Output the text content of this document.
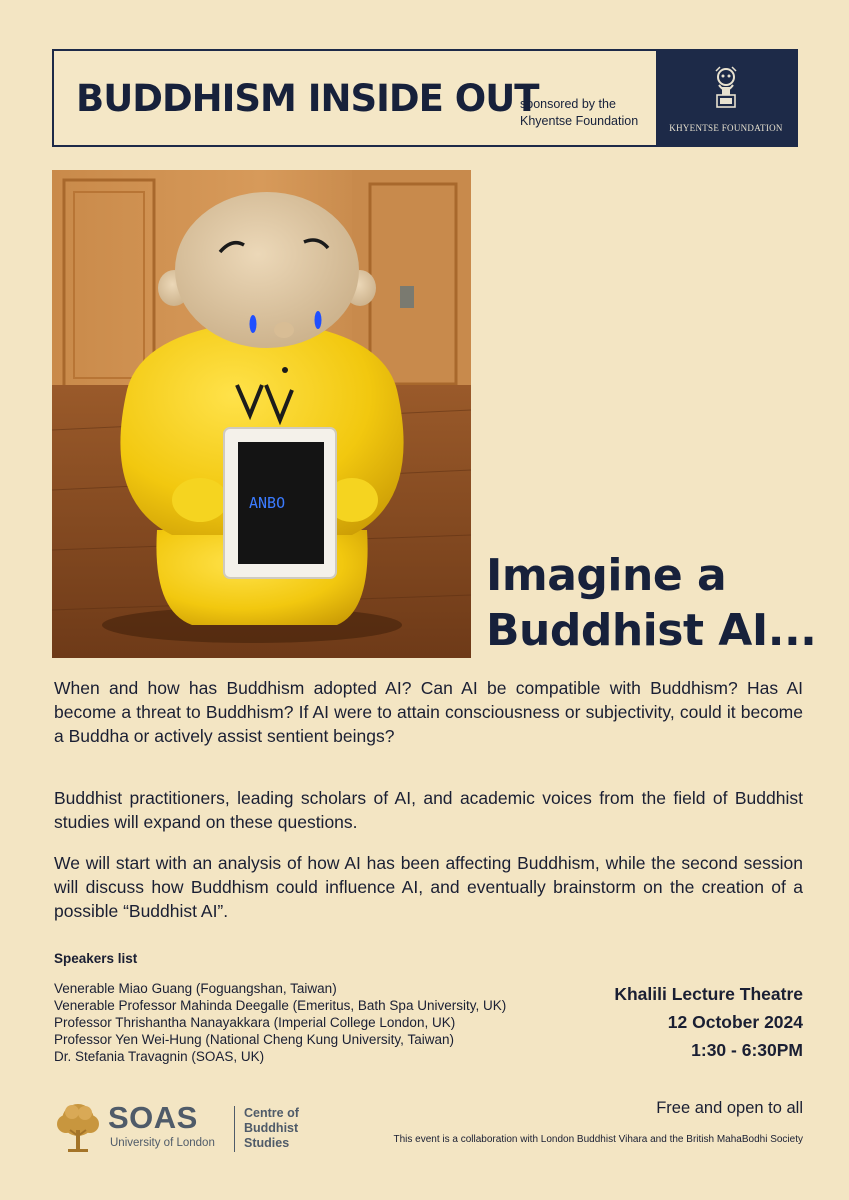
BUDDHISM INSIDE OUT
sponsored by the
Khyentse Foundation	KHYENTSE FOUNDATION
ANBO
Imagine a
Buddhist AI...

When and how has Buddhism adopted AI? Can AI be compatible with Buddhism? Has AI become a threat to Buddhism? If AI were to attain consciousness or subjectivity, could it become a Buddha or actively assist sentient beings?

Buddhist practitioners, leading scholars of AI, and academic voices from the field of Buddhist studies will expand on these questions.

We will start with an analysis of how AI has been affecting Buddhism, while the second session will discuss how Buddhism could influence AI, and eventually brainstorm on the creation of a possible “Buddhist AI”.

Speakers list
Venerable Miao Guang (Foguangshan, Taiwan)
Venerable Professor Mahinda Deegalle (Emeritus, Bath Spa University, UK)
Professor Thrishantha Nanayakkara (Imperial College London, UK)
Professor Yen Wei-Hung (National Cheng Kung University, Taiwan)
Dr. Stefania Travagnin (SOAS, UK)
Khalili Lecture Theatre
12 October 2024
1:30 - 6:30PM
Free and open to all
This event is a collaboration with London Buddhist Vihara and the British MahaBodhi Society
SOAS
University of London
Centre of
Buddhist
Studies
